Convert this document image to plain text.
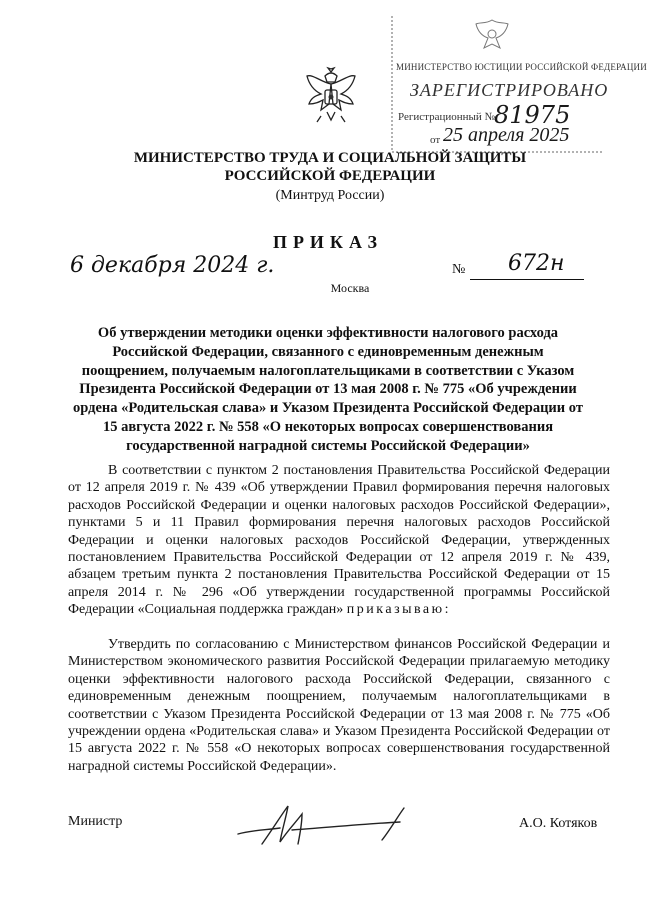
МИНИСТЕРСТВО ЮСТИЦИИ РОССИЙСКОЙ ФЕДЕРАЦИИ
ЗАРЕГИСТРИРОВАНО
Регистрационный №
81975
от 25 апреля 2025
МИНИСТЕРСТВО ТРУДА И СОЦИАЛЬНОЙ ЗАЩИТЫ
РОССИЙСКОЙ ФЕДЕРАЦИИ
(Минтруд России)
ПРИКАЗ
6 декабря 2024 г.
Москва
№ 672н
Об утверждении методики оценки эффективности налогового расхода Российской Федерации, связанного с единовременным денежным поощрением, получаемым налогоплательщиками в соответствии с Указом Президента Российской Федерации от 13 мая 2008 г. № 775 «Об учреждении ордена «Родительская слава» и Указом Президента Российской Федерации от 15 августа 2022 г. № 558 «О некоторых вопросах совершенствования государственной наградной системы Российской Федерации»
В соответствии с пунктом 2 постановления Правительства Российской Федерации от 12 апреля 2019 г. № 439 «Об утверждении Правил формирования перечня налоговых расходов Российской Федерации и оценки налоговых расходов Российской Федерации», пунктами 5 и 11 Правил формирования перечня налоговых расходов Российской Федерации и оценки налоговых расходов Российской Федерации, утвержденных постановлением Правительства Российской Федерации от 12 апреля 2019 г. № 439, абзацем третьим пункта 2 постановления Правительства Российской Федерации от 15 апреля 2014 г. № 296 «Об утверждении государственной программы Российской Федерации «Социальная поддержка граждан» приказываю:
Утвердить по согласованию с Министерством финансов Российской Федерации и Министерством экономического развития Российской Федерации прилагаемую методику оценки эффективности налогового расхода Российской Федерации, связанного с единовременным денежным поощрением, получаемым налогоплательщиками в соответствии с Указом Президента Российской Федерации от 13 мая 2008 г. № 775 «Об учреждении ордена «Родительская слава» и Указом Президента Российской Федерации от 15 августа 2022 г. № 558 «О некоторых вопросах совершенствования государственной наградной системы Российской Федерации».
Министр	А.О. Котяков
